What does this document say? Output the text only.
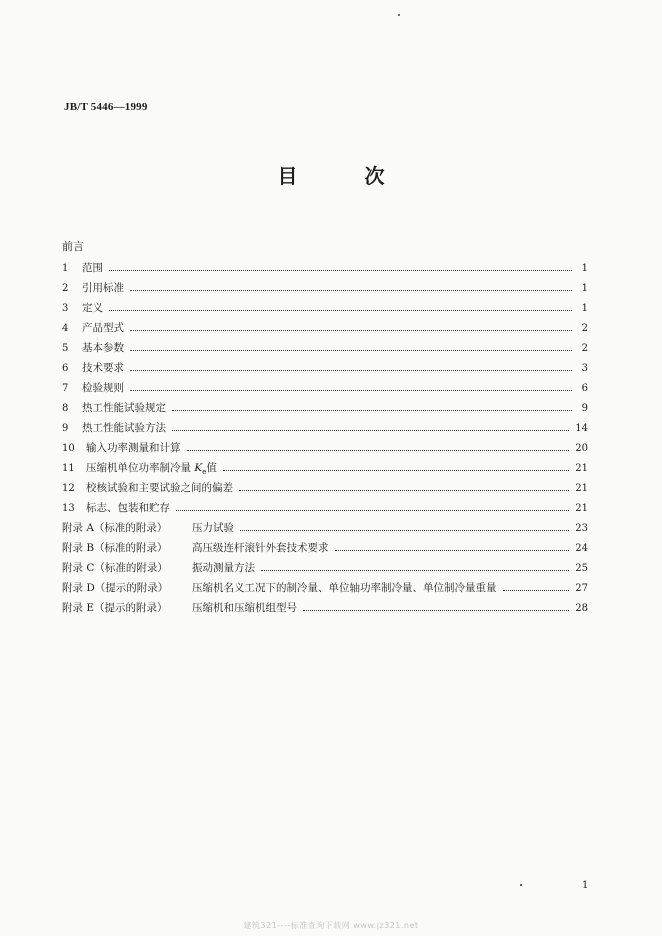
JB/T 5446—1999
目 次
前言
1	范围	1
2	引用标准	1
3	定义	1
4	产品型式	2
5	基本参数	2
6	技术要求	3
7	检验规则	6
8	热工性能试验规定	9
9	热工性能试验方法	14
10	输入功率测量和计算	20
11	压缩机单位功率制冷量 $K_e$值	21
12	校核试验和主要试验之间的偏差	21
13	标志、包装和贮存	21
附录 A（标准的附录）	压力试验	23
附录 B（标准的附录）	高压级连杆滚针外套技术要求	24
附录 C（标准的附录）	振动测量方法	25
附录 D（提示的附录）	压缩机名义工况下的制冷量、单位轴功率制冷量、单位制冷量重量	27
附录 E（提示的附录）	压缩机和压缩机组型号	28
1
建筑321----标准查询下载网 www.jz321.net
